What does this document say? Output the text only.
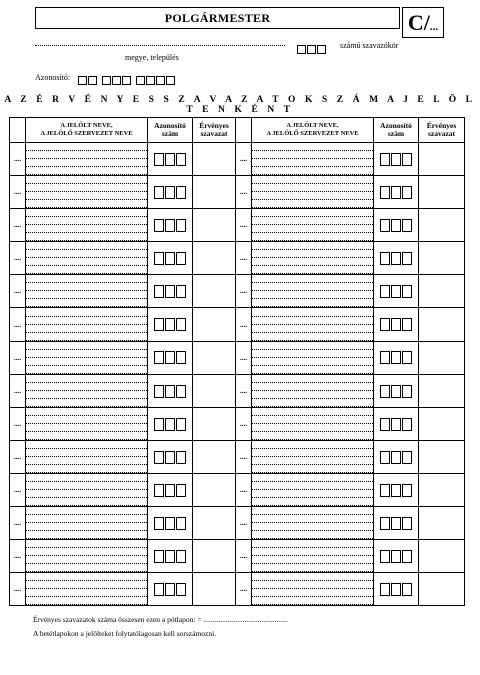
POLGÁRMESTER	C/...
számú szavazókör
megye, település
Azonosító:
A Z É R V É N Y E S S Z A V A Z A T O K S Z Á M A J E L Ö L T E N K É N T
	A JELÖLT NEVE,
A JELÖLŐ SZERVEZET NEVE	Azonosító
szám	Érvényes
szavazat		A JELÖLT NEVE,
A JELÖLŐ SZERVEZET NEVE	Azonosító
szám	Érvényes
szavazat
....				....	

....				....	

....				....	

....				....	

....				....	

....				....	

....				....	

....				....	

....				....	

....				....	

....				....	

....				....	

....				....	

....				....	

Érvényes szavazatok száma összesen ezen a pótlapon: = .............................................
A betétlapokon a jelölteket folytatólagosan kell sorszámozni.
